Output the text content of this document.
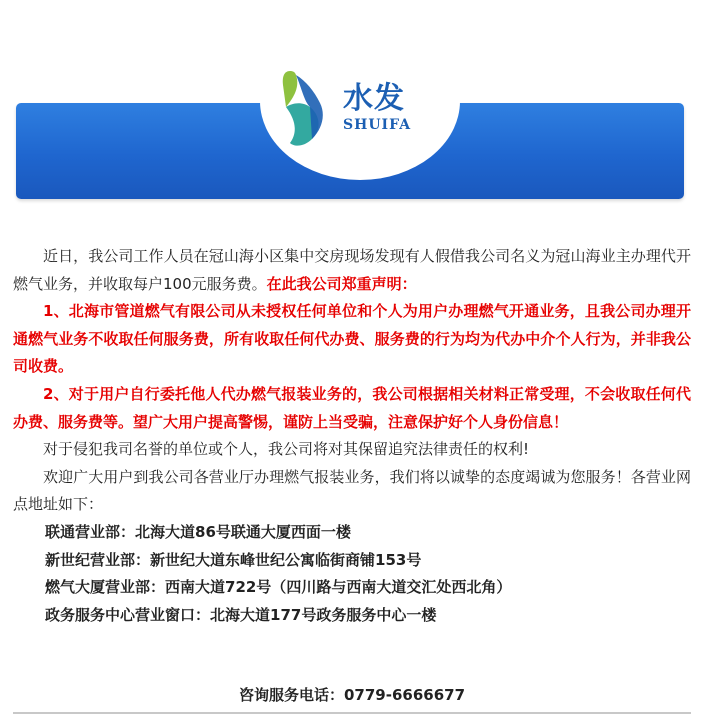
水发
SHUIFA

近日，我公司工作人员在冠山海小区集中交房现场发现有人假借我公司名义为冠山海业主办理代开燃气业务，并收取每户100元服务费。在此我公司郑重声明：

1、北海市管道燃气有限公司从未授权任何单位和个人为用户办理燃气开通业务，且我公司办理开通燃气业务不收取任何服务费，所有收取任何代办费、服务费的行为均为代办中介个人行为，并非我公司收费。

2、对于用户自行委托他人代办燃气报装业务的，我公司根据相关材料正常受理，不会收取任何代办费、服务费等。望广大用户提高警惕，谨防上当受骗，注意保护好个人身份信息！

对于侵犯我司名誉的单位或个人，我公司将对其保留追究法律责任的权利!

欢迎广大用户到我公司各营业厅办理燃气报装业务，我们将以诚挚的态度竭诚为您服务！各营业网点地址如下：

联通营业部：北海大道86号联通大厦西面一楼

新世纪营业部：新世纪大道东峰世纪公寓临街商铺153号

燃气大厦营业部：西南大道722号（四川路与西南大道交汇处西北角）

政务服务中心营业窗口：北海大道177号政务服务中心一楼

咨询服务电话：0779-6666677
